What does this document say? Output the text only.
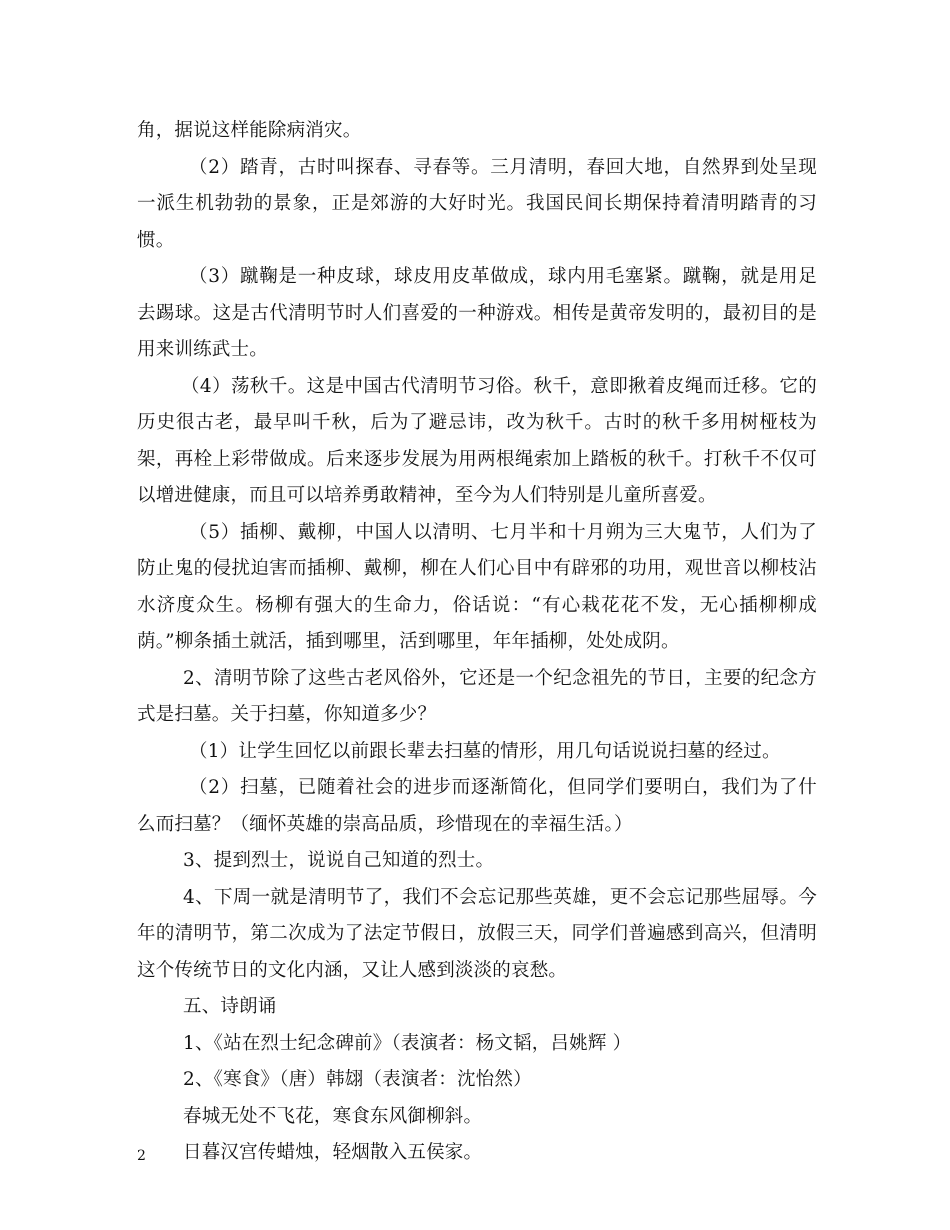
角，据说这样能除病消灾。

（2）踏青，古时叫探春、寻春等。三月清明，春回大地，自然界到处呈现一派生机勃勃的景象，正是郊游的大好时光。我国民间长期保持着清明踏青的习惯。

（3）蹴鞠是一种皮球，球皮用皮革做成，球内用毛塞紧。蹴鞠，就是用足去踢球。这是古代清明节时人们喜爱的一种游戏。相传是黄帝发明的，最初目的是用来训练武士。

（4）荡秋千。这是中国古代清明节习俗。秋千，意即揪着皮绳而迁移。它的历史很古老，最早叫千秋，后为了避忌讳，改为秋千。古时的秋千多用树桠枝为架，再栓上彩带做成。后来逐步发展为用两根绳索加上踏板的秋千。打秋千不仅可以增进健康，而且可以培养勇敢精神，至今为人们特别是儿童所喜爱。

（5）插柳、戴柳，中国人以清明、七月半和十月朔为三大鬼节，人们为了防止鬼的侵扰迫害而插柳、戴柳，柳在人们心目中有辟邪的功用，观世音以柳枝沾水济度众生。杨柳有强大的生命力，俗话说：“有心栽花花不发，无心插柳柳成荫。”柳条插土就活，插到哪里，活到哪里，年年插柳，处处成阴。

2、清明节除了这些古老风俗外，它还是一个纪念祖先的节日，主要的纪念方式是扫墓。关于扫墓，你知道多少？

（1）让学生回忆以前跟长辈去扫墓的情形，用几句话说说扫墓的经过。

（2）扫墓，已随着社会的进步而逐渐简化，但同学们要明白，我们为了什么而扫墓？（缅怀英雄的崇高品质，珍惜现在的幸福生活。）

3、提到烈士，说说自己知道的烈士。

4、下周一就是清明节了，我们不会忘记那些英雄，更不会忘记那些屈辱。今年的清明节，第二次成为了法定节假日，放假三天，同学们普遍感到高兴，但清明这个传统节日的文化内涵，又让人感到淡淡的哀愁。

五、诗朗诵

1、《站在烈士纪念碑前》（表演者：杨文韬，吕姚辉 ）

2、《寒食》（唐）韩翃（表演者：沈怡然）

春城无处不飞花，寒食东风御柳斜。

日暮汉宫传蜡烛，轻烟散入五侯家。

2
